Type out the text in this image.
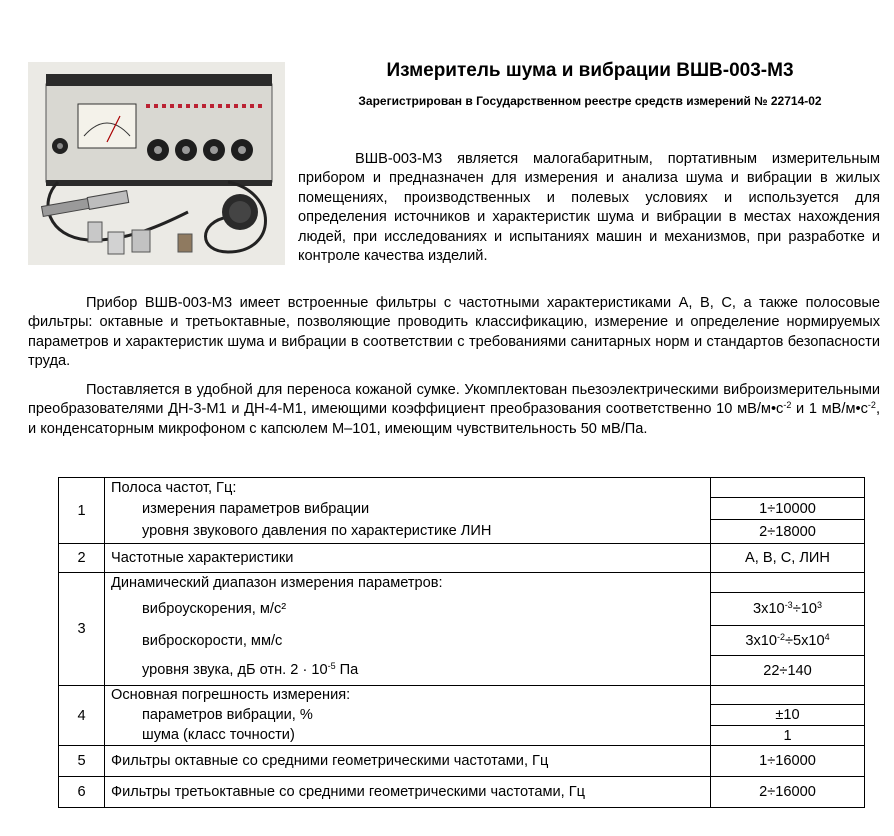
Измеритель шума и вибрации ВШВ-003-М3
Зарегистрирован в Государственном реестре средств измерений № 22714-02

ВШВ-003-М3 является малогабаритным, портативным измерительным прибором и предназначен для измерения и анализа шума и вибрации в жилых помещениях, производственных и полевых условиях и используется для определения источников и характеристик шума и вибрации в местах нахождения людей, при исследованиях и испытаниях машин и механизмов, при разработке и контроле качества изделий.

Прибор ВШВ-003-М3 имеет встроенные фильтры с частотными характеристиками A, B, C, а также полосовые фильтры: октавные и третьоктавные, позволяющие проводить классификацию, измерение и определение нормируемых параметров и характеристик шума и вибрации в соответствии с требованиями санитарных норм и стандартов безопасности труда.

Поставляется в удобной для переноса кожаной сумке. Укомплектован пьезоэлектрическими виброизмерительными преобразователями ДН-3-М1 и ДН-4-М1, имеющими коэффициент преобразования соответственно 10 $мВ/м•с^{-2}$ и 1 $мВ/м•с^{-2}$, и конденсаторным микрофоном с капсюлем М–101, имеющим чувствительность 50 мВ/Па.

1	Полоса частот, Гц:	
	измерения параметров вибрации	1÷10000
	уровня звукового давления по характеристике ЛИН	2÷18000
2	Частотные характеристики	A, B, C, ЛИН
3	Динамический диапазон измерения параметров:	
	виброускорения, м/с²	$3х10^{-3}\div 10^3$
	виброскорости, мм/с	$3х10^{-2}\div 5х10^4$
	уровня звука, дБ отн. $2 \cdot 10^{-5}$ Па	22÷140
4	Основная погрешность измерения:	
	параметров вибрации, %	±10
	шума (класс точности)	1
5	Фильтры октавные со средними геометрическими частотами, Гц	1÷16000
6	Фильтры третьоктавные со средними геометрическими частотами, Гц	2÷16000
